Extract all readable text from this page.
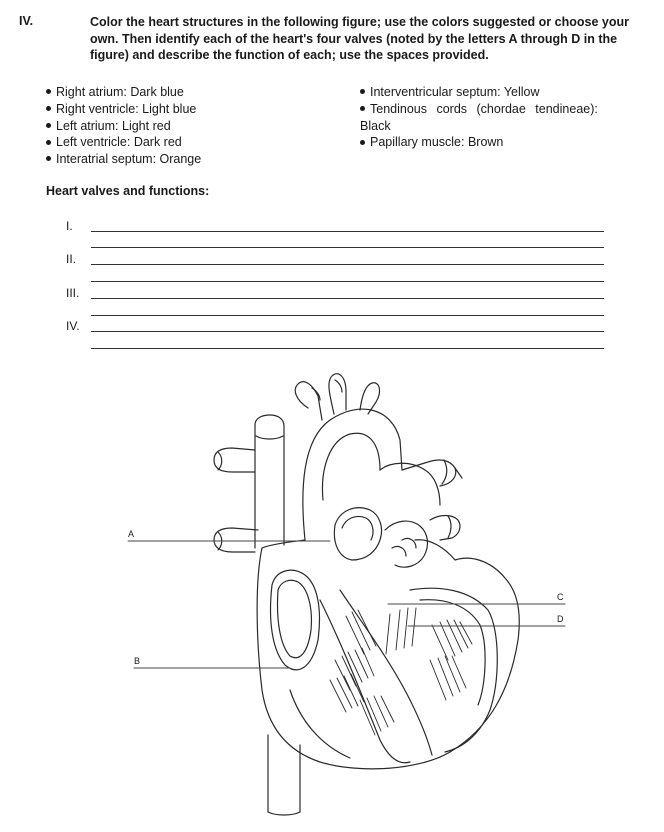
IV.	Color the heart structures in the following figure; use the colors suggested or choose your own. Then identify each of the heart's four valves (noted by the letters A through D in the figure) and describe the function of each; use the spaces provided.
Right atrium: Dark blue
Right ventricle: Light blue
Left atrium: Light red
Left ventricle: Dark red
Interatrial septum: Orange
Interventricular septum: Yellow
Tendinous cords (chordae tendineae):
Black
Papillary muscle: Brown
Heart valves and functions:
I.
II.
III.
IV.
A
B
C
D
